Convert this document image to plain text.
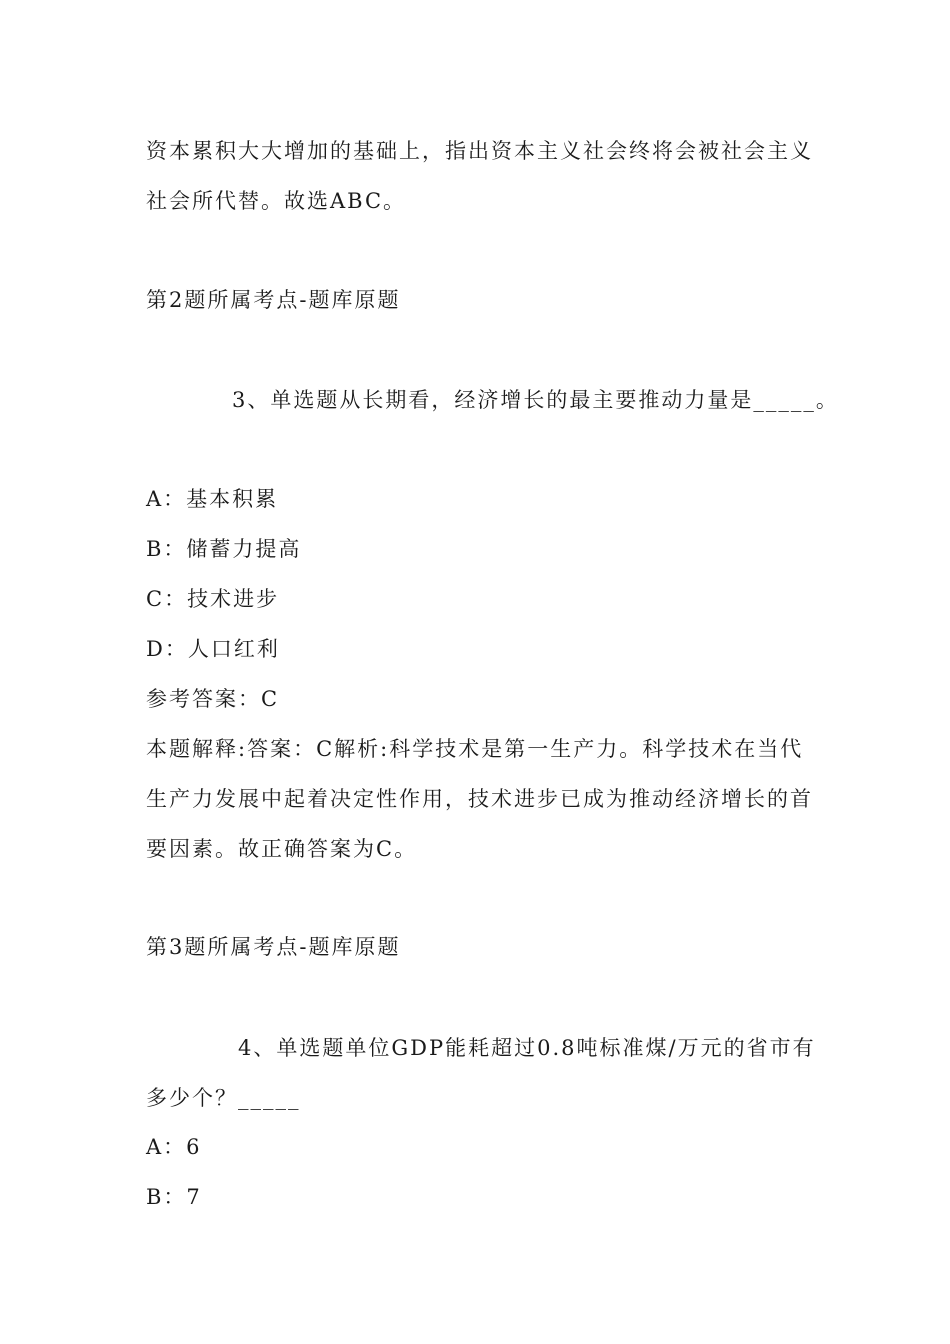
资本累积大大增加的基础上，指出资本主义社会终将会被社会主义
社会所代替。故选ABC。
第2题所属考点-题库原题
3、单选题从长期看，经济增长的最主要推动力量是_____。
A：基本积累
B：储蓄力提高
C：技术进步
D：人口红利
参考答案：C
本题解释:答案：C解析:科学技术是第一生产力。科学技术在当代
生产力发展中起着决定性作用，技术进步已成为推动经济增长的首
要因素。故正确答案为C。
第3题所属考点-题库原题
4、单选题单位GDP能耗超过0.8吨标准煤/万元的省市有
多少个？_____
A：6
B：7
